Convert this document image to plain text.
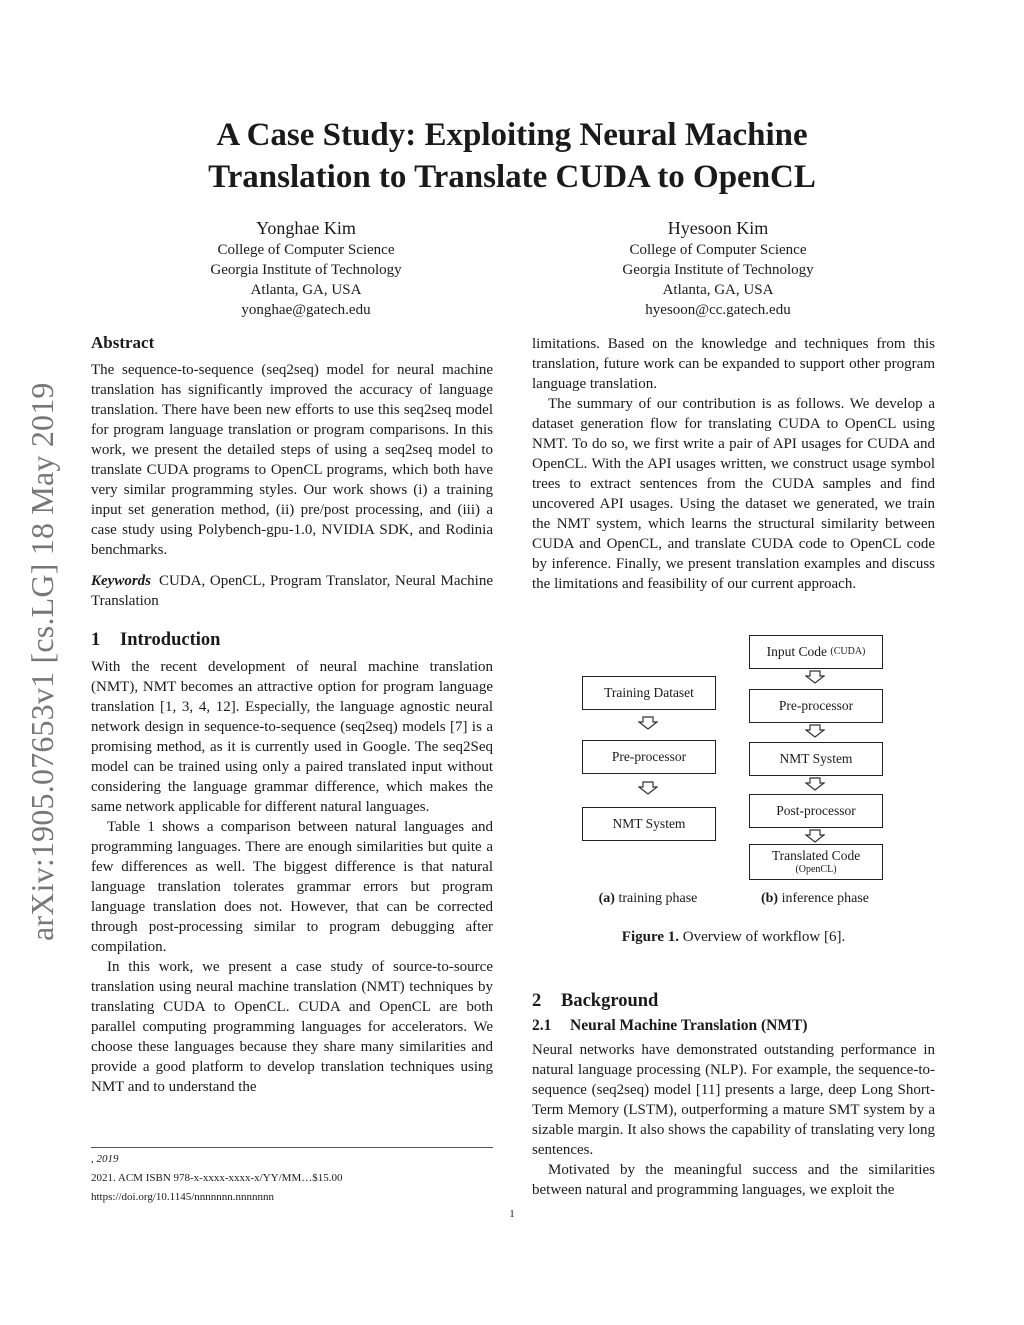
A Case Study: Exploiting Neural Machine
Translation to Translate CUDA to OpenCL
Yonghae Kim
College of Computer Science
Georgia Institute of Technology
Atlanta, GA, USA
yonghae@gatech.edu
Hyesoon Kim
College of Computer Science
Georgia Institute of Technology
Atlanta, GA, USA
hyesoon@cc.gatech.edu
arXiv:1905.07653v1 [cs.LG] 18 May 2019
Abstract

The sequence-to-sequence (seq2seq) model for neural machine translation has significantly improved the accuracy of language translation. There have been new efforts to use this seq2seq model for program language translation or program comparisons. In this work, we present the detailed steps of using a seq2seq model to translate CUDA programs to OpenCL programs, which both have very similar programming styles. Our work shows (i) a training input set generation method, (ii) pre/post processing, and (iii) a case study using Polybench-gpu-1.0, NVIDIA SDK, and Rodinia benchmarks.

Keywords CUDA, OpenCL, Program Translator, Neural Machine Translation

1 Introduction

With the recent development of neural machine translation (NMT), NMT becomes an attractive option for program language translation [1, 3, 4, 12]. Especially, the language agnostic neural network design in sequence-to-sequence (seq2seq) models [7] is a promising method, as it is currently used in Google. The seq2Seq model can be trained using only a paired translated input without considering the language grammar difference, which makes the same network applicable for different natural languages.

Table 1 shows a comparison between natural languages and programming languages. There are enough similarities but quite a few differences as well. The biggest difference is that natural language translation tolerates grammar errors but program language translation does not. However, that can be corrected through post-processing similar to program debugging after compilation.

In this work, we present a case study of source-to-source translation using neural machine translation (NMT) techniques by translating CUDA to OpenCL. CUDA and OpenCL are both parallel computing programming languages for accelerators. We choose these languages because they share many similarities and provide a good platform to develop translation techniques using NMT and to understand the

, 2019
2021. ACM ISBN 978-x-xxxx-xxxx-x/YY/MM…$15.00
https://doi.org/10.1145/nnnnnnn.nnnnnnn

limitations. Based on the knowledge and techniques from this translation, future work can be expanded to support other program language translation.

The summary of our contribution is as follows. We develop a dataset generation flow for translating CUDA to OpenCL using NMT. To do so, we first write a pair of API usages for CUDA and OpenCL. With the API usages written, we construct usage symbol trees to extract sentences from the CUDA samples and find uncovered API usages. Using the dataset we generated, we train the NMT system, which learns the structural similarity between CUDA and OpenCL, and translate CUDA code to OpenCL code by inference. Finally, we present translation examples and discuss the limitations and feasibility of our current approach.

Training Dataset
Pre-processor
NMT System
Input Code
(CUDA)
Pre-processor
NMT System
Post-processor
Translated Code
(OpenCL)
(a) training phase	(b) inference phase
Figure 1. Overview of workflow [6].
2 Background
2.1 Neural Machine Translation (NMT)

Neural networks have demonstrated outstanding performance in natural language processing (NLP). For example, the sequence-to-sequence (seq2seq) model [11] presents a large, deep Long Short-Term Memory (LSTM), outperforming a mature SMT system by a sizable margin. It also shows the capability of translating very long sentences.

Motivated by the meaningful success and the similarities between natural and programming languages, we exploit the

1
